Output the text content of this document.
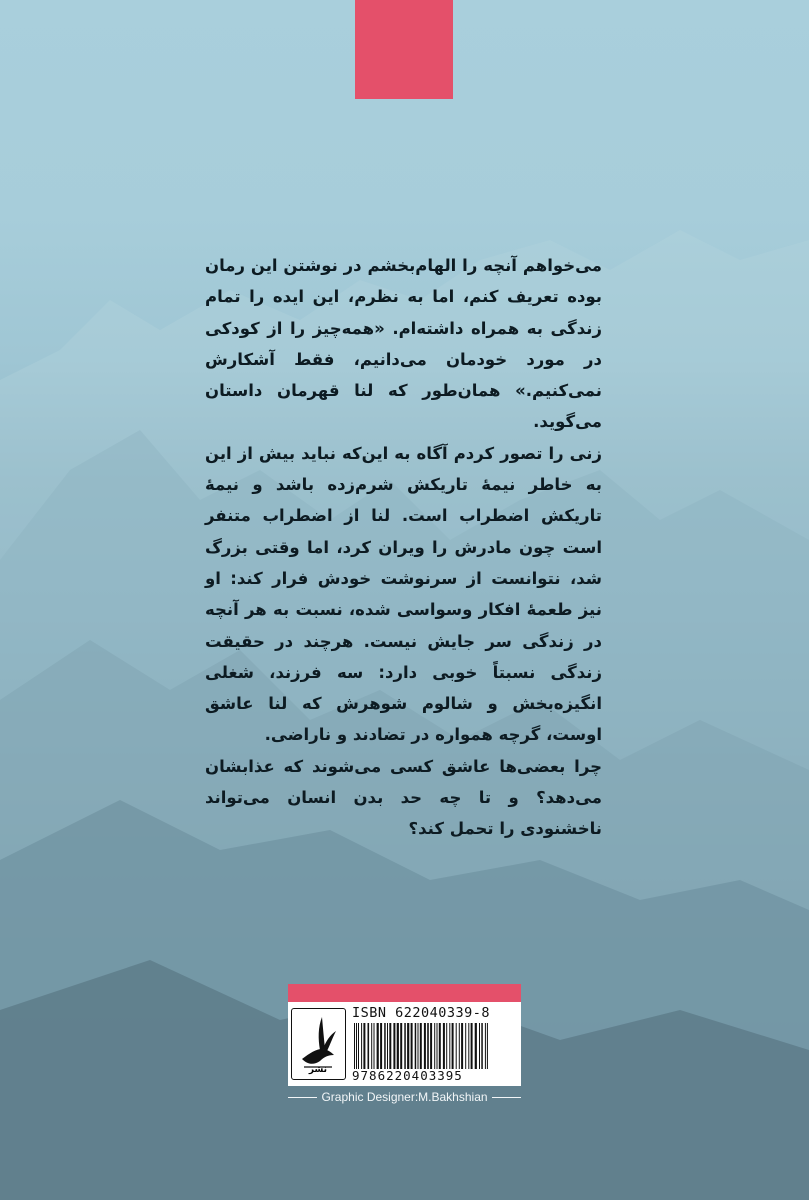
می‌خواهم آنچه را الهام‌بخشم در نوشتن این رمان بوده تعریف کنم، اما به نظرم، این ایده را تمام زندگی به همراه داشته‌ام. «همه‌چیز را از کودکی در مورد خودمان می‌دانیم، فقط آشکارش نمی‌کنیم.» همان‌طور که لنا قهرمان داستان می‌گوید.

زنی را تصور کردم آگاه به این‌که نباید بیش از این به خاطر نیمهٔ تاریکش شرم‌زده باشد و نیمهٔ تاریکش اضطراب است. لنا از اضطراب متنفر است چون مادرش را ویران کرد، اما وقتی بزرگ شد، نتوانست از سرنوشت خودش فرار کند: او نیز طعمهٔ افکار وسواسی شده، نسبت به هر آنچه در زندگی سر جایش نیست. هرچند در حقیقت زندگی نسبتاً خوبی دارد: سه فرزند، شغلی انگیزه‌بخش و شالوم شوهرش که لنا عاشق اوست، گرچه همواره در تضادند و ناراضی.

چرا بعضی‌ها عاشق کسی می‌شوند که عذابشان می‌دهد؟ و تا چه حد بدن انسان می‌تواند ناخشنودی را تحمل کند؟

نشر
ISBN 622040339-8
9786220403395
Graphic Designer:M.Bakhshian
